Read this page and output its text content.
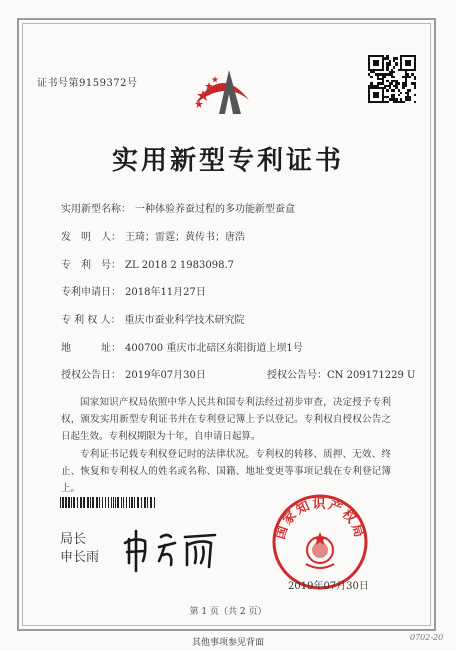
证书号第9159372号
实用新型专利证书
实用新型名称： 一种体验养蚕过程的多功能新型蚕盒
发　明　人： 王琦；雷霆；黄传书；唐浩
专　利　号： ZL 2018 2 1983098.7
专利申请日： 2018年11月27日
专 利 权 人： 重庆市蚕业科学技术研究院
地　　　址： 400700 重庆市北碚区东阳街道上坝1号
授权公告日： 2019年07月30日	授权公告号：CN 209171229 U
国家知识产权局依照中华人民共和国专利法经过初步审查，决定授予专利权，颁发实用新型专利证书并在专利登记簿上予以登记。专利权自授权公告之日起生效。专利权期限为十年，自申请日起算。
专利证书记载专利权登记时的法律状况。专利权的转移、质押、无效、终止、恢复和专利权人的姓名或名称、国籍、地址变更等事项记载在专利登记簿上。
局长
申长雨
国家知识产权局
2019年07月30日
第 1 页（共 2 页）
其他事项参见背面
0702-20
